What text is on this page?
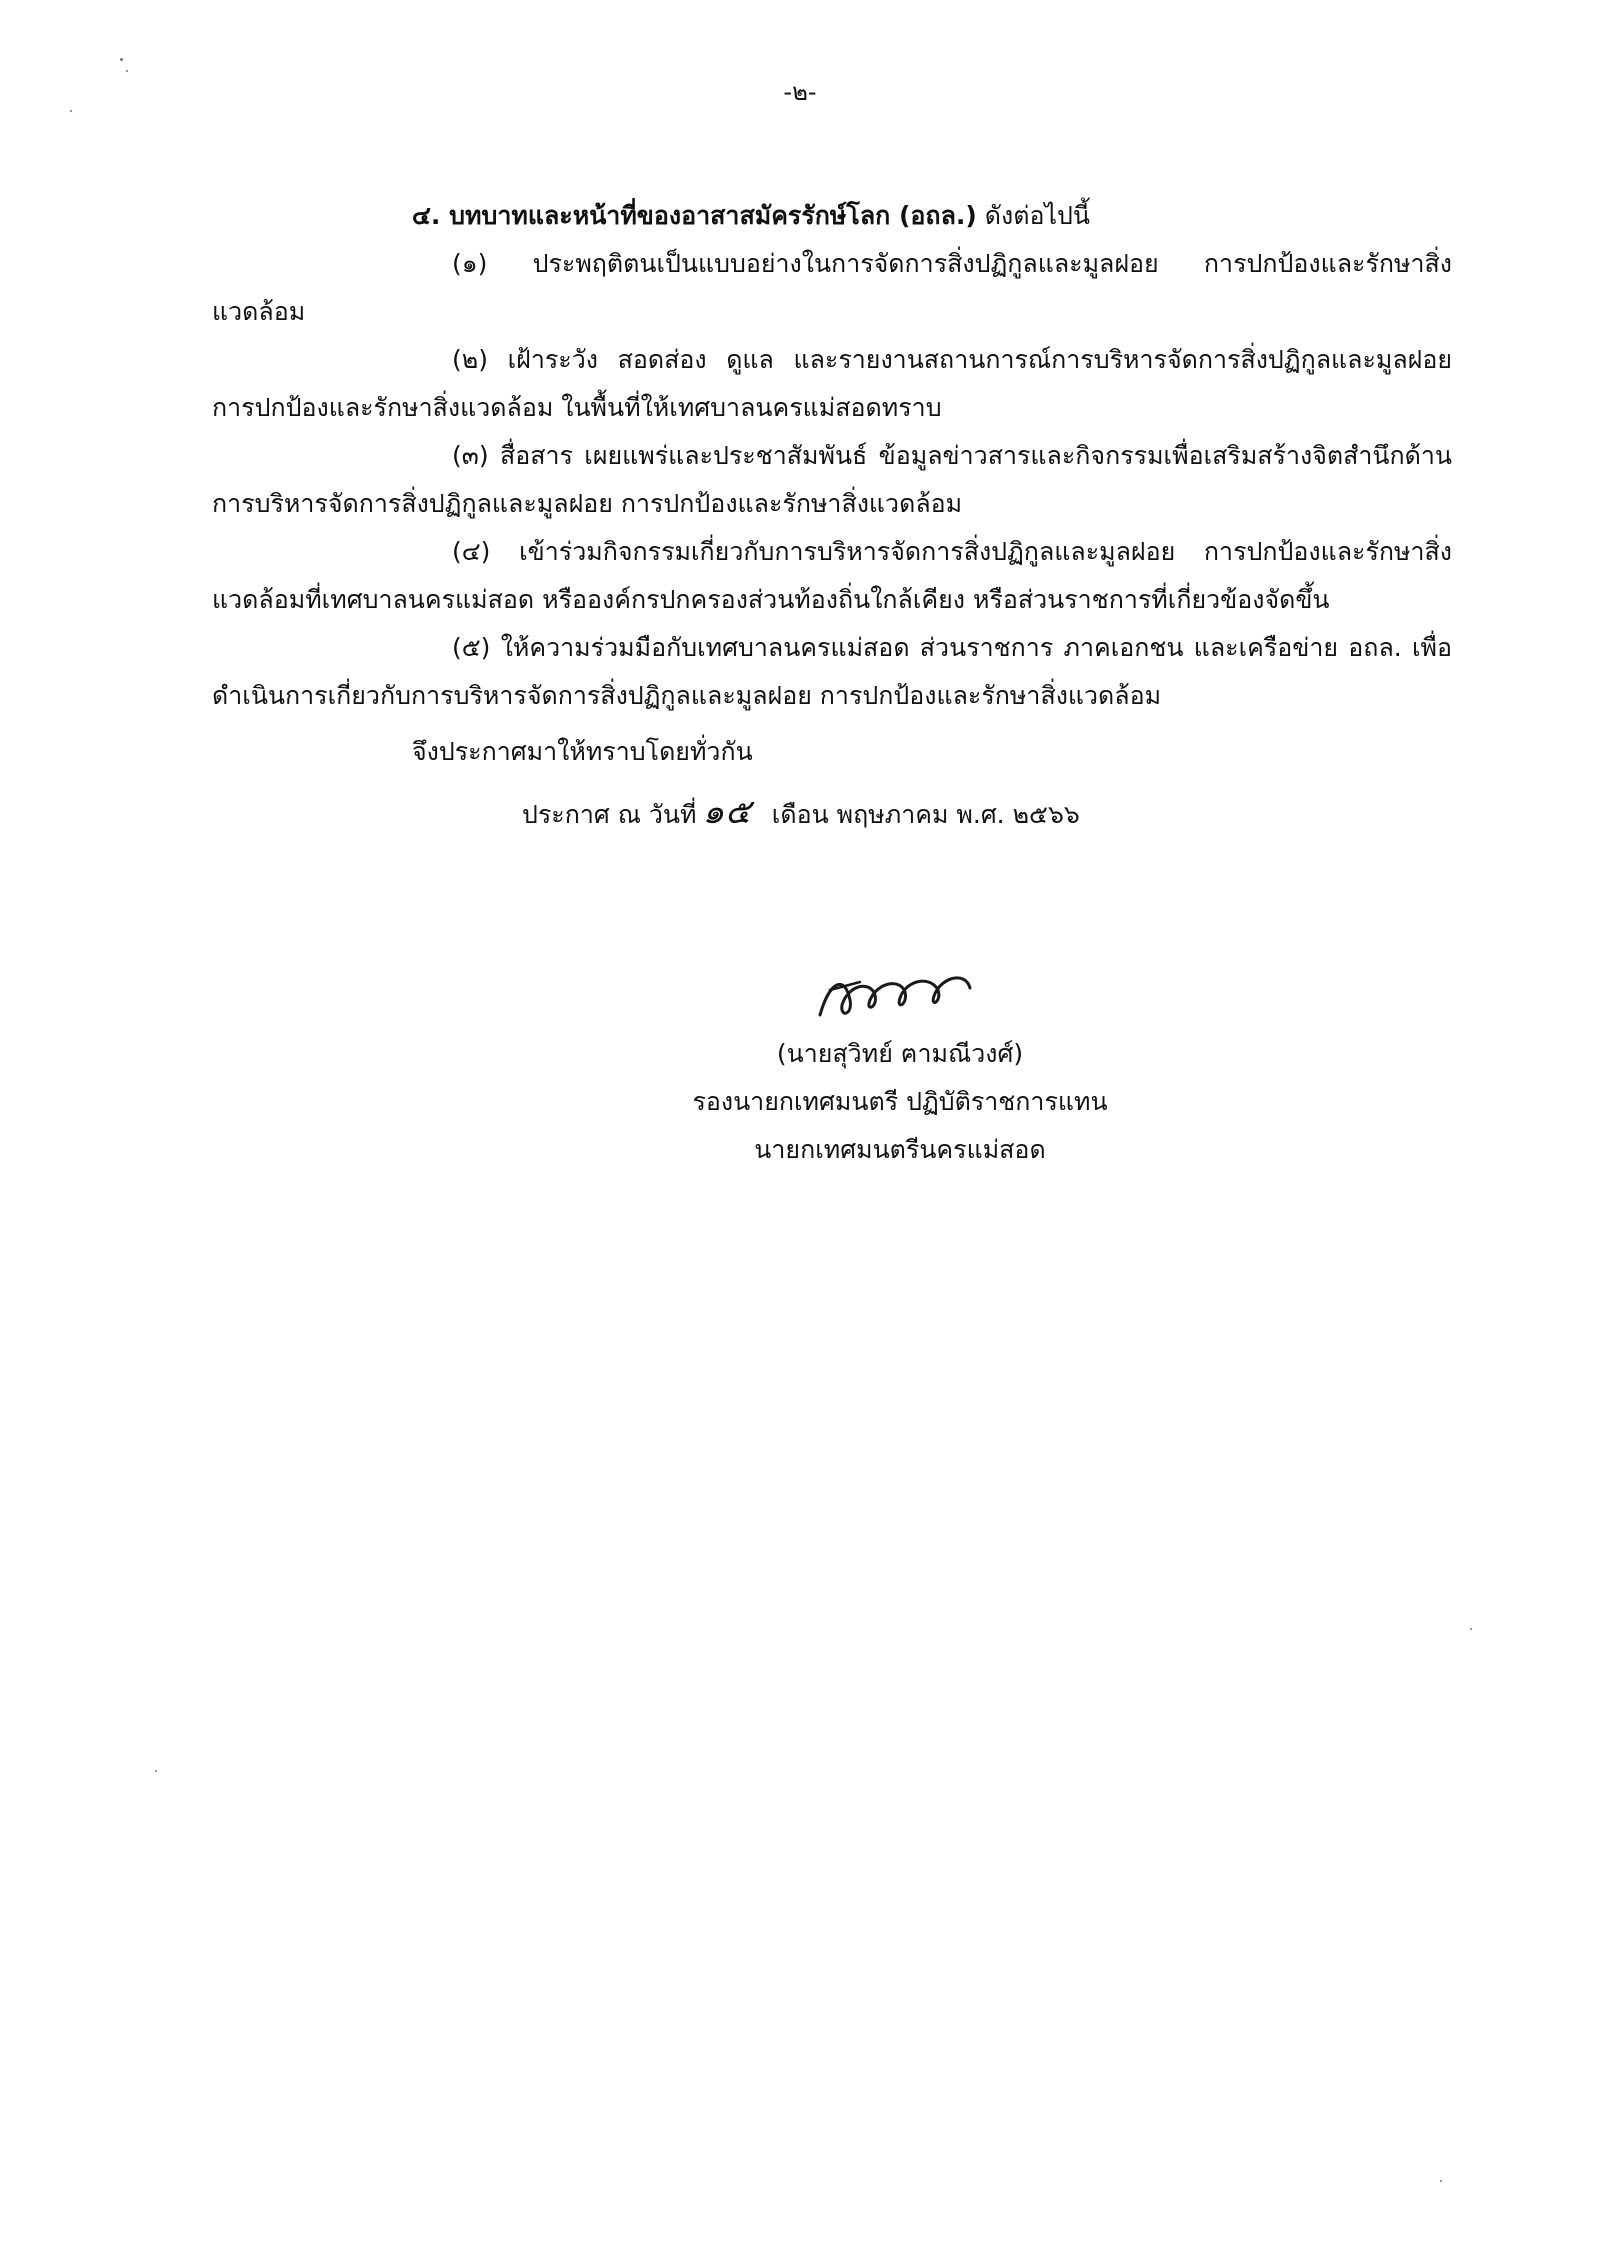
-๒-
๔. บทบาทและหน้าที่ของอาสาสมัครรักษ์โลก (อถล.) ดังต่อไปนี้

(๑) ประพฤติตนเป็นแบบอย่างในการจัดการสิ่งปฏิกูลและมูลฝอย การปกป้องและรักษาสิ่งแวดล้อม

(๒) เฝ้าระวัง สอดส่อง ดูแล และรายงานสถานการณ์การบริหารจัดการสิ่งปฏิกูลและมูลฝอย การปกป้องและรักษาสิ่งแวดล้อม ในพื้นที่ให้เทศบาลนครแม่สอดทราบ

(๓) สื่อสาร เผยแพร่และประชาสัมพันธ์ ข้อมูลข่าวสารและกิจกรรมเพื่อเสริมสร้างจิตสำนึกด้านการบริหารจัดการสิ่งปฏิกูลและมูลฝอย การปกป้องและรักษาสิ่งแวดล้อม

(๔) เข้าร่วมกิจกรรมเกี่ยวกับการบริหารจัดการสิ่งปฏิกูลและมูลฝอย การปกป้องและรักษาสิ่งแวดล้อมที่เทศบาลนครแม่สอด หรือองค์กรปกครองส่วนท้องถิ่นใกล้เคียง หรือส่วนราชการที่เกี่ยวข้องจัดขึ้น

(๕) ให้ความร่วมมือกับเทศบาลนครแม่สอด ส่วนราชการ ภาคเอกชน และเครือข่าย อถล. เพื่อดำเนินการเกี่ยวกับการบริหารจัดการสิ่งปฏิกูลและมูลฝอย การปกป้องและรักษาสิ่งแวดล้อม

จึงประกาศมาให้ทราบโดยทั่วกัน
ประกาศ ณ วันที่ ๑๕ เดือน พฤษภาคม พ.ศ. ๒๕๖๖
(นายสุวิทย์ ฅามณีวงศ์)
รองนายกเทศมนตรี ปฏิบัติราชการแทน
นายกเทศมนตรีนครแม่สอด
